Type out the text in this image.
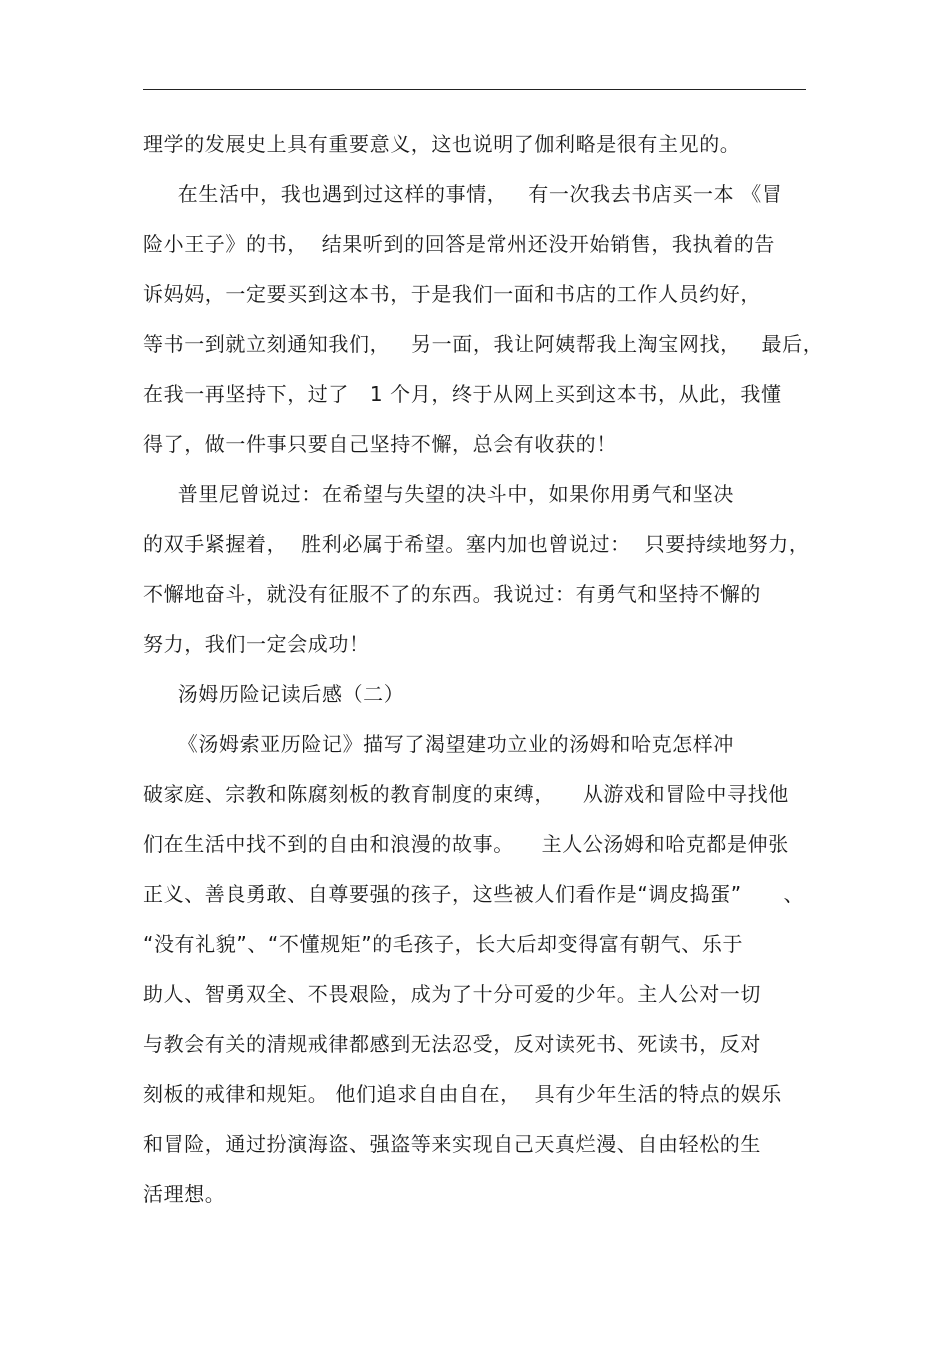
理学的发展史上具有重要意义，这也说明了伽利略是很有主见的。
在生活中，我也遇到过这样的事情，   有一次我去书店买一本 《冒
险小王子》的书，  结果听到的回答是常州还没开始销售，我执着的告
诉妈妈，一定要买到这本书，于是我们一面和书店的工作人员约好，
等书一到就立刻通知我们，   另一面，我让阿姨帮我上淘宝网找，   最后，
在我一再坚持下，过了   1 个月，终于从网上买到这本书，从此，我懂
得了，做一件事只要自己坚持不懈，总会有收获的！
普里尼曾说过：在希望与失望的决斗中，如果你用勇气和坚决
的双手紧握着，  胜利必属于希望。塞内加也曾说过：  只要持续地努力，
不懈地奋斗，就没有征服不了的东西。我说过：有勇气和坚持不懈的
努力，我们一定会成功！
汤姆历险记读后感（二）
《汤姆索亚历险记》描写了渴望建功立业的汤姆和哈克怎样冲
破家庭、宗教和陈腐刻板的教育制度的束缚，    从游戏和冒险中寻找他
们在生活中找不到的自由和浪漫的故事。    主人公汤姆和哈克都是伸张
正义、善良勇敢、自尊要强的孩子，这些被人们看作是“调皮捣蛋”      、
“没有礼貌”、“不懂规矩”的毛孩子，长大后却变得富有朝气、乐于
助人、智勇双全、不畏艰险，成为了十分可爱的少年。主人公对一切
与教会有关的清规戒律都感到无法忍受，反对读死书、死读书，反对
刻板的戒律和规矩。 他们追求自由自在，  具有少年生活的特点的娱乐
和冒险，通过扮演海盗、强盗等来实现自己天真烂漫、自由轻松的生
活理想。
